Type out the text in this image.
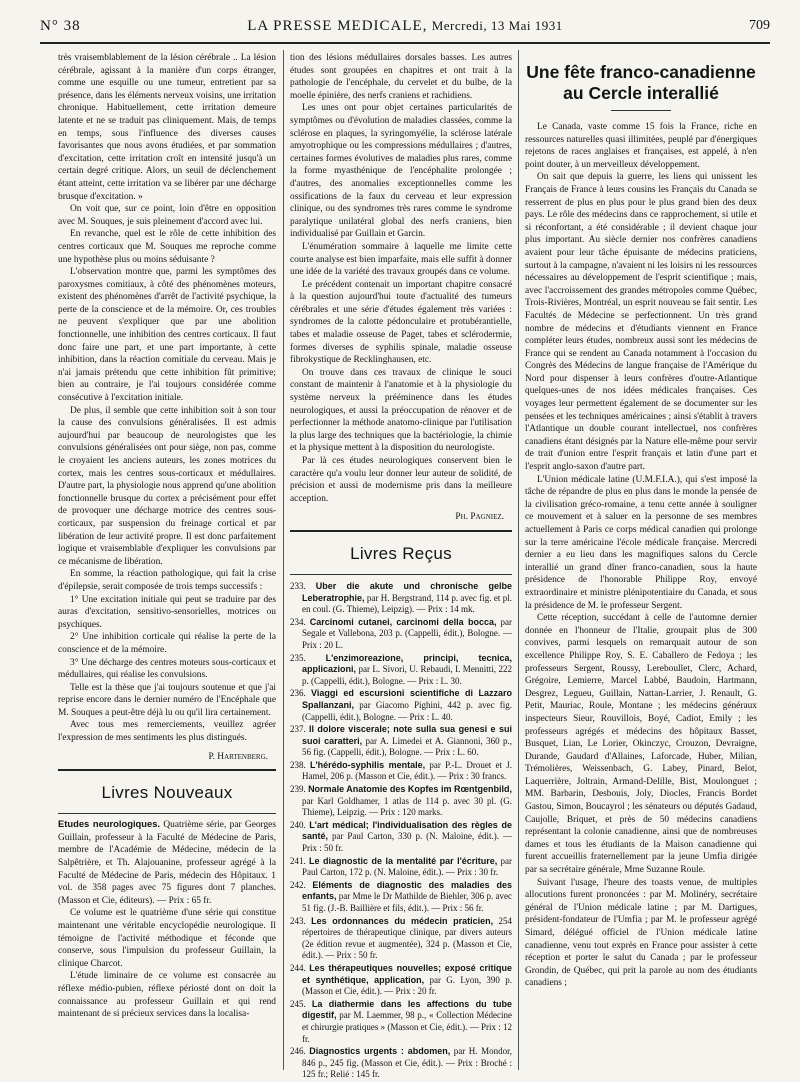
N° 38	LA PRESSE MEDICALE, Mercredi, 13 Mai 1931	709

très vraisemblablement de la lésion cérébrale .. La lésion cérébrale, agissant à la manière d'un corps étranger, comme une esquille ou une tumeur, entretient par sa présence, dans les éléments nerveux voisins, une irritation chronique. Habituellement, cette irritation demeure latente et ne se traduit pas cliniquement. Mais, de temps en temps, sous l'influence des diverses causes favorisantes que nous avons étudiées, et par sommation d'excitation, cette irritation croît en intensité jusqu'à un certain degré critique. Alors, un seuil de déclenchement étant atteint, cette irritation va se libérer par une décharge brusque d'excitation. »

On voit que, sur ce point, loin d'être en opposition avec M. Souques, je suis pleinement d'accord avec lui.

En revanche, quel est le rôle de cette inhibition des centres corticaux que M. Souques me reproche comme une hypothèse plus ou moins séduisante ?

L'observation montre que, parmi les symptômes des paroxysmes comitiaux, à côté des phénomènes moteurs, existent des phénomènes d'arrêt de l'activité psychique, la perte de la conscience et de la mémoire. Or, ces troubles ne peuvent s'expliquer que par une abolition fonctionnelle, une inhibition des centres corticaux. Il faut donc faire une part, et une part importante, à cette inhibition, dans la réaction comitiale du cerveau. Mais je n'ai jamais prétendu que cette inhibition fût primitive; bien au contraire, je l'ai toujours considérée comme consécutive à l'excitation initiale.

De plus, il semble que cette inhibition soit à son tour la cause des convulsions généralisées. Il est admis aujourd'hui par beaucoup de neurologistes que les convulsions généralisées ont pour siège, non pas, comme le croyaient les anciens auteurs, les zones motrices du cortex, mais les centres sous-corticaux et médullaires. D'autre part, la physiologie nous apprend qu'une abolition fonctionnelle brusque du cortex a précisément pour effet de provoquer une décharge motrice des centres sous-corticaux, par suspension du freinage cortical et par libération de leur activité propre. Il est donc parfaitement logique et vraisemblable d'expliquer les convulsions par ce mécanisme de libération.

En somme, la réaction pathologique, qui fait la crise d'épilepsie, serait composée de trois temps successifs :

1° Une excitation initiale qui peut se traduire par des auras d'excitation, sensitivo-sensorielles, motrices ou psychiques.

2° Une inhibition corticale qui réalise la perte de la conscience et de la mémoire.

3° Une décharge des centres moteurs sous-corticaux et médullaires, qui réalise les convulsions.

Telle est la thèse que j'ai toujours soutenue et que j'ai reprise encore dans le dernier numéro de l'Encéphale que M. Souques a peut-être déjà lu ou qu'il lira certainement.

Avec tous mes remerciements, veuillez agréer l'expression de mes sentiments les plus distingués.

P. Hartenberg.

Livres Nouveaux

Etudes neurologiques. Quatrième série, par Georges Guillain, professeur à la Faculté de Médecine de Paris, membre de l'Académie de Médecine, médecin de la Salpêtrière, et Th. Alajouanine, professeur agrégé à la Faculté de Médecine de Paris, médecin des Hôpitaux. 1 vol. de 358 pages avec 75 figures dont 7 planches. (Masson et Cie, éditeurs). — Prix : 65 fr.

Ce volume est le quatrième d'une série qui constitue maintenant une véritable encyclopédie neurologique. Il témoigne de l'activité méthodique et féconde que conserve, sous l'impulsion du professeur Guillain, la clinique Charcot.

L'étude liminaire de ce volume est consacrée au réflexe médio-pubien, réflexe périosté dont on doit la connaissance au professeur Guillain et qui rend maintenant de si précieux services dans la localisa-

tion des lésions médullaires dorsales basses. Les autres études sont groupées en chapitres et ont trait à la pathologie de l'encéphale, du cervelet et du bulbe, de la moelle épinière, des nerfs craniens et rachidiens.

Les unes ont pour objet certaines particularités de symptômes ou d'évolution de maladies classées, comme la sclérose en plaques, la syringomyélie, la sclérose latérale amyotrophique ou les compressions médullaires ; d'autres, certaines formes évolutives de maladies plus rares, comme la forme myasthénique de l'encéphalite prolongée ; d'autres, des anomalies exceptionnelles comme les ossifications de la faux du cerveau et leur expression clinique, ou des syndromes très rares comme le syndrome paralytique unilatéral global des nerfs craniens, bien individualisé par Guillain et Garcin.

L'énumération sommaire à laquelle me limite cette courte analyse est bien imparfaite, mais elle suffit à donner une idée de la variété des travaux groupés dans ce volume.

Le précédent contenait un important chapitre consacré à la question aujourd'hui toute d'actualité des tumeurs cérébrales et une série d'études également très variées : syndromes de la calotte pédonculaire et protubérantielle, tabes et maladie osseuse de Paget, tabes et sclérodermie, formes diverses de syphilis spinale, maladie osseuse fibrokystique de Recklinghausen, etc.

On trouve dans ces travaux de clinique le souci constant de maintenir à l'anatomie et à la physiologie du système nerveux la prééminence dans les études neurologiques, et aussi la préoccupation de rénover et de perfectionner la méthode anatomo-clinique par l'utilisation la plus large des techniques que la bactériologie, la chimie et la physique mettent à la disposition du neurologiste.

Par là ces études neurologiques conservent bien le caractère qu'a voulu leur donner leur auteur de solidité, de précision et aussi de modernisme pris dans la meilleure acception.

Ph. Pagniez.

Livres Reçus

233. Uber die akute und chronische gelbe Leberatrophie, par H. Bergstrand, 114 p. avec fig. et pl. en coul. (G. Thieme), Leipzig). — Prix : 14 mk.

234. Carcinomi cutanei, carcinomi della bocca, par Segale et Vallebona, 203 p. (Cappelli, édit.), Bologne. — Prix : 20 L.

235. L'enzimoreazione, principi, tecnica, applicazioni, par L. Sivori, U. Rebaudi, I. Mennitti, 222 p. (Cappelli, édit.), Bologne. — Prix : L. 30.

236. Viaggi ed escursioni scientifiche di Lazzaro Spallanzani, par Giacomo Pighini, 442 p. avec fig. (Cappelli, édit.), Bologne. — Prix : L. 40.

237. Il dolore viscerale; note sulla sua genesi e sui suoi caratteri, par A. Limedei et A. Giannoni, 360 p., 56 fig. (Cappelli, édit.), Bologne. — Prix : L. 60.

238. L'hérédo-syphilis mentale, par P.-L. Drouet et J. Hamel, 206 p. (Masson et Cie, édit.). — Prix : 30 francs.

239. Normale Anatomie des Kopfes im Rœntgenbild, par Karl Goldhamer, 1 atlas de 114 p. avec 30 pl. (G. Thieme), Leipzig. — Prix : 120 marks.

240. L'art médical; l'individualisation des règles de santé, par Paul Carton, 330 p. (N. Maloine, édit.). — Prix : 50 fr.

241. Le diagnostic de la mentalité par l'écriture, par Paul Carton, 172 p. (N. Maloine, édit.). — Prix : 30 fr.

242. Eléments de diagnostic des maladies des enfants, par Mme le Dr Mathilde de Biehler, 306 p. avec 51 fig. (J.-B. Baillière et fils, édit.). — Prix : 56 fr.

243. Les ordonnances du médecin praticien, 254 répertoires de thérapeutique clinique, par divers auteurs (2e édition revue et augmentée), 324 p. (Masson et Cie, édit.). — Prix : 50 fr.

244. Les thérapeutiques nouvelles; exposé critique et synthétique, application, par G. Lyon, 390 p. (Masson et Cie, édit.). — Prix : 20 fr.

245. La diathermie dans les affections du tube digestif, par M. Laemmer, 98 p., « Collection Médecine et chirurgie pratiques » (Masson et Cie, édit.). — Prix : 12 fr.

246. Diagnostics urgents : abdomen, par H. Mondor, 846 p., 245 fig. (Masson et Cie, édit.). — Prix : Broché : 125 fr.; Relié : 145 fr.

Une fête franco-canadienne au Cercle interallié

Le Canada, vaste comme 15 fois la France, riche en ressources naturelles quasi illimitées, peuplé par d'énergiques rejetons de races anglaises et françaises, est appelé, à n'en point douter, à un merveilleux développement.

On sait que depuis la guerre, les liens qui unissent les Français de France à leurs cousins les Français du Canada se resserrent de plus en plus pour le plus grand bien des deux pays. Le rôle des médecins dans ce rapprochement, si utile et si réconfortant, a été considérable ; il devient chaque jour plus important. Au siècle dernier nos confrères canadiens avaient pour leur tâche épuisante de médecins praticiens, surtout à la campagne, n'avaient ni les loisirs ni les ressources nécessaires au développement de l'esprit scientifique ; mais, avec l'accroissement des grandes métropoles comme Québec, Trois-Rivières, Montréal, un esprit nouveau se fait sentir. Les Facultés de Médecine se perfectionnent. Un très grand nombre de médecins et d'étudiants viennent en France compléter leurs études, nombreux aussi sont les médecins de France qui se rendent au Canada notamment à l'occasion du Congrès des Médecins de langue française de l'Amérique du Nord pour dispenser à leurs confrères d'outre-Atlantique quelques-unes de nos idées médicales françaises. Ces voyages leur permettent également de se documenter sur les pensées et les techniques américaines ; ainsi s'établit à travers l'Atlantique un double courant intellectuel, nos confrères canadiens étant désignés par la Nature elle-même pour servir de trait d'union entre l'esprit français et latin d'une part et l'esprit anglo-saxon d'autre part.

L'Union médicale latine (U.M.F.I.A.), qui s'est imposé la tâche de répandre de plus en plus dans le monde la pensée de la civilisation gréco-romaine, a tenu cette année à souligner ce mouvement et à saluer en la personne de ses membres actuellement à Paris ce corps médical canadien qui prolonge sur la terre américaine l'école médicale française. Mercredi dernier a eu lieu dans les magnifiques salons du Cercle interallié un grand dîner franco-canadien, sous la haute présidence de l'honorable Philippe Roy, envoyé extraordinaire et ministre plénipotentiaire du Canada, et sous la présidence de M. le professeur Sergent.

Cette réception, succédant à celle de l'automne dernier donnée en l'honneur de l'Italie, groupait plus de 300 convives, parmi lesquels on remarquait autour de son excellence Philippe Roy, S. E. Caballero de Fedoya ; les professeurs Sergent, Roussy, Lereboullet, Clerc, Achard, Grégoire, Lemierre, Marcel Labbé, Baudoin, Hartmann, Desgrez, Legueu, Guillain, Nattan-Larrier, J. Renault, G. Petit, Mauriac, Roule, Montane ; les médecins généraux inspecteurs Sieur, Rouvillois, Boyé, Cadiot, Emily ; les professeurs agrégés et médecins des hôpitaux Basset, Busquet, Lian, Le Lorier, Okinczyc, Crouzon, Devraigne, Durande, Gaudard d'Allaines, Laforcade, Huber, Milian, Trémolières, Weissenbach, G. Labey, Pinard, Belot, Laquerrière, Joltrain, Armand-Delille, Bist, Moulonguet ; MM. Barbarin, Desbouis, Joly, Diocles, Francis Bordet Gastou, Simon, Boucayrol ; les sénateurs ou députés Gadaud, Caujolle, Briquet, et près de 50 médecins canadiens représentant la colonie canadienne, ainsi que de nombreuses dames et tous les étudiants de la Maison canadienne qui furent accueillis fraternellement par la jeune Umfia dirigée par sa secrétaire générale, Mme Suzanne Roule.

Suivant l'usage, l'heure des toasts venue, de multiples allocutions furent prononcées : par M. Molinéry, secrétaire général de l'Union médicale latine ; par M. Dartigues, président-fondateur de l'Umfia ; par M. le professeur agrégé Simard, délégué officiel de l'Union médicale latine canadienne, venu tout exprès en France pour assister à cette réception et porter le salut du Canada ; par le professeur Grondin, de Québec, qui prit la parole au nom des étudiants canadiens ;
